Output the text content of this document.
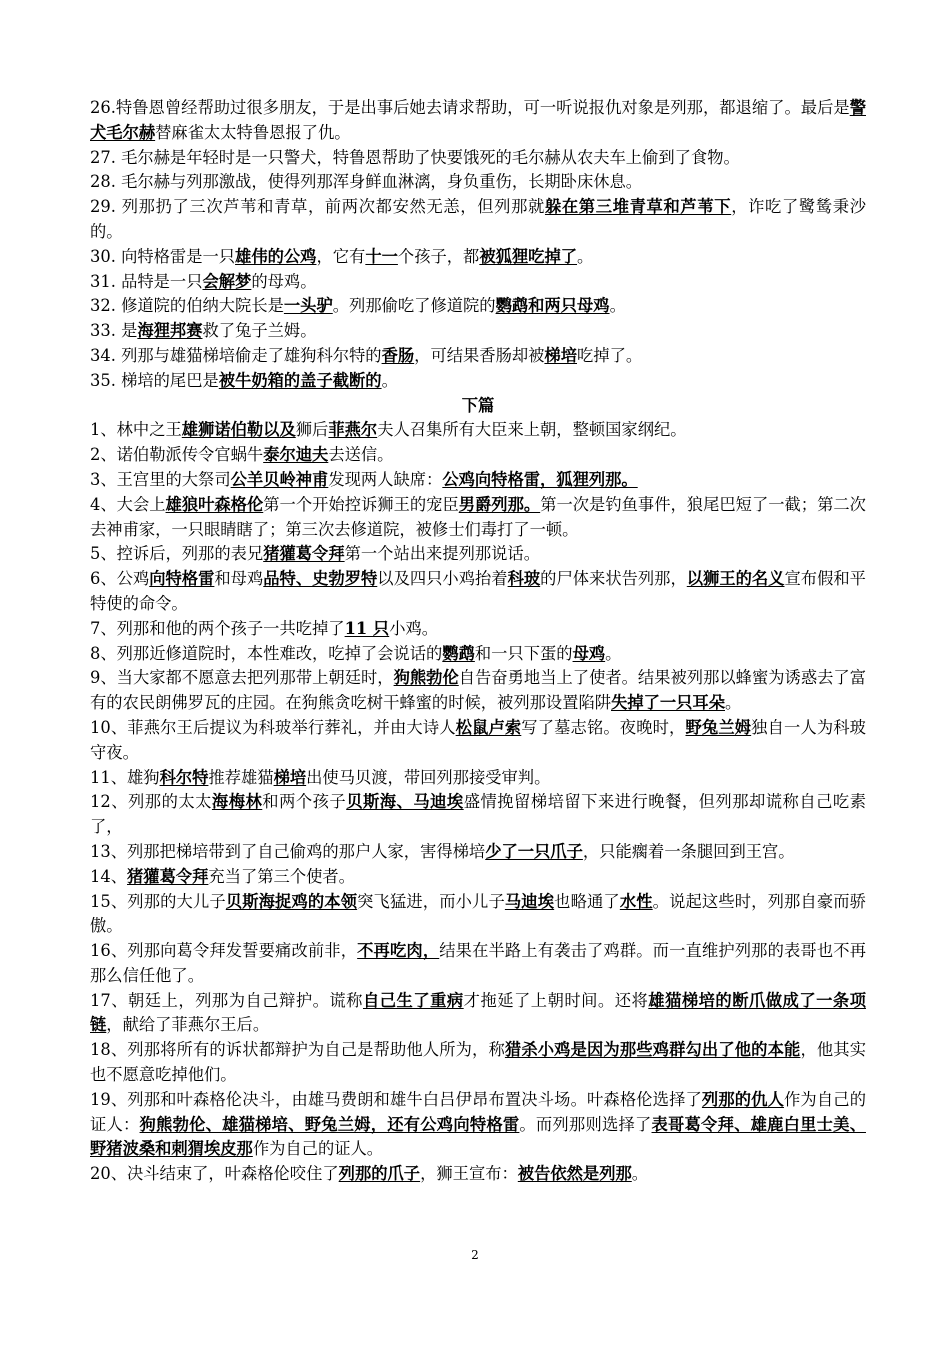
26.特鲁恩曾经帮助过很多朋友，于是出事后她去请求帮助，可一听说报仇对象是列那，都退缩了。最后是警犬毛尔赫替麻雀太太特鲁恩报了仇。

27. 毛尔赫是年轻时是一只警犬，特鲁恩帮助了快要饿死的毛尔赫从农夫车上偷到了食物。

28. 毛尔赫与列那激战，使得列那浑身鲜血淋漓，身负重伤，长期卧床休息。

29. 列那扔了三次芦苇和青草，前两次都安然无恙，但列那就躲在第三堆青草和芦苇下，诈吃了鹭鸶秉沙的。

30. 向特格雷是一只雄伟的公鸡，它有十一个孩子，都被狐狸吃掉了。

31. 品特是一只会解梦的母鸡。

32. 修道院的伯纳大院长是一头驴。列那偷吃了修道院的鹦鹉和两只母鸡。

33. 是海狸邦赛救了兔子兰姆。

34. 列那与雄猫梯培偷走了雄狗科尔特的香肠，可结果香肠却被梯培吃掉了。

35. 梯培的尾巴是被牛奶箱的盖子截断的。

下篇

1、林中之王雄狮诺伯勒以及狮后菲燕尔夫人召集所有大臣来上朝，整顿国家纲纪。

2、诺伯勒派传令官蜗牛泰尔迪夫去送信。

3、王宫里的大祭司公羊贝岭神甫发现两人缺席：公鸡向特格雷，狐狸列那。

4、大会上雄狼叶森格伦第一个开始控诉狮王的宠臣男爵列那。第一次是钓鱼事件，狼尾巴短了一截；第二次去神甫家，一只眼睛瞎了；第三次去修道院，被修士们毒打了一顿。

5、控诉后，列那的表兄猪獾葛令拜第一个站出来提列那说话。

6、公鸡向特格雷和母鸡品特、史勃罗特以及四只小鸡抬着科玻的尸体来状告列那，以狮王的名义宣布假和平特使的命令。

7、列那和他的两个孩子一共吃掉了11 只小鸡。

8、列那近修道院时，本性难改，吃掉了会说话的鹦鹉和一只下蛋的母鸡。

9、当大家都不愿意去把列那带上朝廷时，狗熊勃伦自告奋勇地当上了使者。结果被列那以蜂蜜为诱惑去了富有的农民朗佛罗瓦的庄园。在狗熊贪吃树干蜂蜜的时候，被列那设置陷阱失掉了一只耳朵。

10、菲燕尔王后提议为科玻举行葬礼，并由大诗人松鼠卢索写了墓志铭。夜晚时，野兔兰姆独自一人为科玻守夜。

11、雄狗科尔特推荐雄猫梯培出使马贝渡，带回列那接受审判。

12、列那的太太海梅林和两个孩子贝斯海、马迪埃盛情挽留梯培留下来进行晚餐，但列那却谎称自己吃素了，

13、列那把梯培带到了自己偷鸡的那户人家，害得梯培少了一只爪子，只能瘸着一条腿回到王宫。

14、猪獾葛令拜充当了第三个使者。

15、列那的大儿子贝斯海捉鸡的本领突飞猛进，而小儿子马迪埃也略通了水性。说起这些时，列那自豪而骄傲。

16、列那向葛令拜发誓要痛改前非，不再吃肉，结果在半路上有袭击了鸡群。而一直维护列那的表哥也不再那么信任他了。

17、朝廷上，列那为自己辩护。谎称自己生了重病才拖延了上朝时间。还将雄猫梯培的断爪做成了一条项链，献给了菲燕尔王后。

18、列那将所有的诉状都辩护为自己是帮助他人所为，称猎杀小鸡是因为那些鸡群勾出了他的本能，他其实也不愿意吃掉他们。

19、列那和叶森格伦决斗，由雄马费朗和雄牛白吕伊昂布置决斗场。叶森格伦选择了列那的仇人作为自己的证人：狗熊勃伦、雄猫梯培、野兔兰姆，还有公鸡向特格雷。而列那则选择了表哥葛令拜、雄鹿白里士美、野猪波桑和刺猬埃皮那作为自己的证人。

20、决斗结束了，叶森格伦咬住了列那的爪子，狮王宣布：被告依然是列那。

2
